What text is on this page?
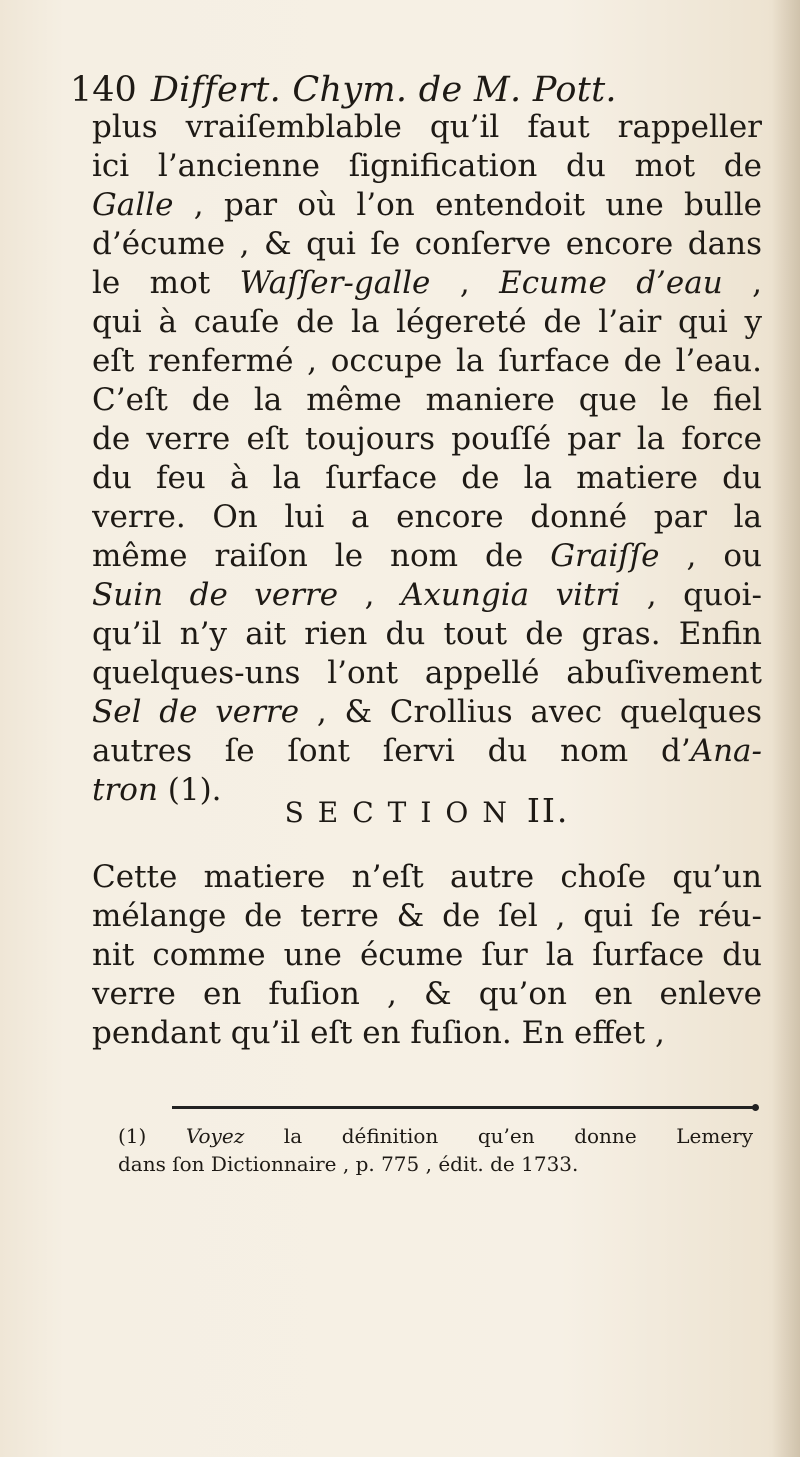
140 Differt. Chym. de M. Pott.
plus vraiſemblable qu’il faut rappeller
ici l’ancienne ſignification du mot de
Galle , par où l’on entendoit une bulle
d’écume , & qui ſe conſerve encore dans
le mot Waſſer-galle , Ecume d’eau ,
qui à cauſe de la légereté de l’air qui y
eſt renfermé , occupe la ſurface de l’eau.
C’eſt de la même maniere que le fiel
de verre eſt toujours pouſſé par la force
du feu à la ſurface de la matiere du
verre. On lui a encore donné par la
même raiſon le nom de Graiſſe , ou
Suin de verre , Axungia vitri , quoi-
qu’il n’y ait rien du tout de gras. Enfin
quelques-uns l’ont appellé abuſivement
Sel de verre , & Crollius avec quelques
autres ſe ſont ſervi du nom d’Ana-
tron (1).
SECTION II.
Cette matiere n’eſt autre choſe qu’un
mélange de terre & de ſel , qui ſe réu-
nit comme une écume ſur la ſurface du
verre en fuſion , & qu’on en enleve
pendant qu’il eſt en fuſion. En effet ,
(1) Voyez la définition qu’en donne Lemery
dans ſon Dictionnaire , p. 775 , édit. de 1733.
